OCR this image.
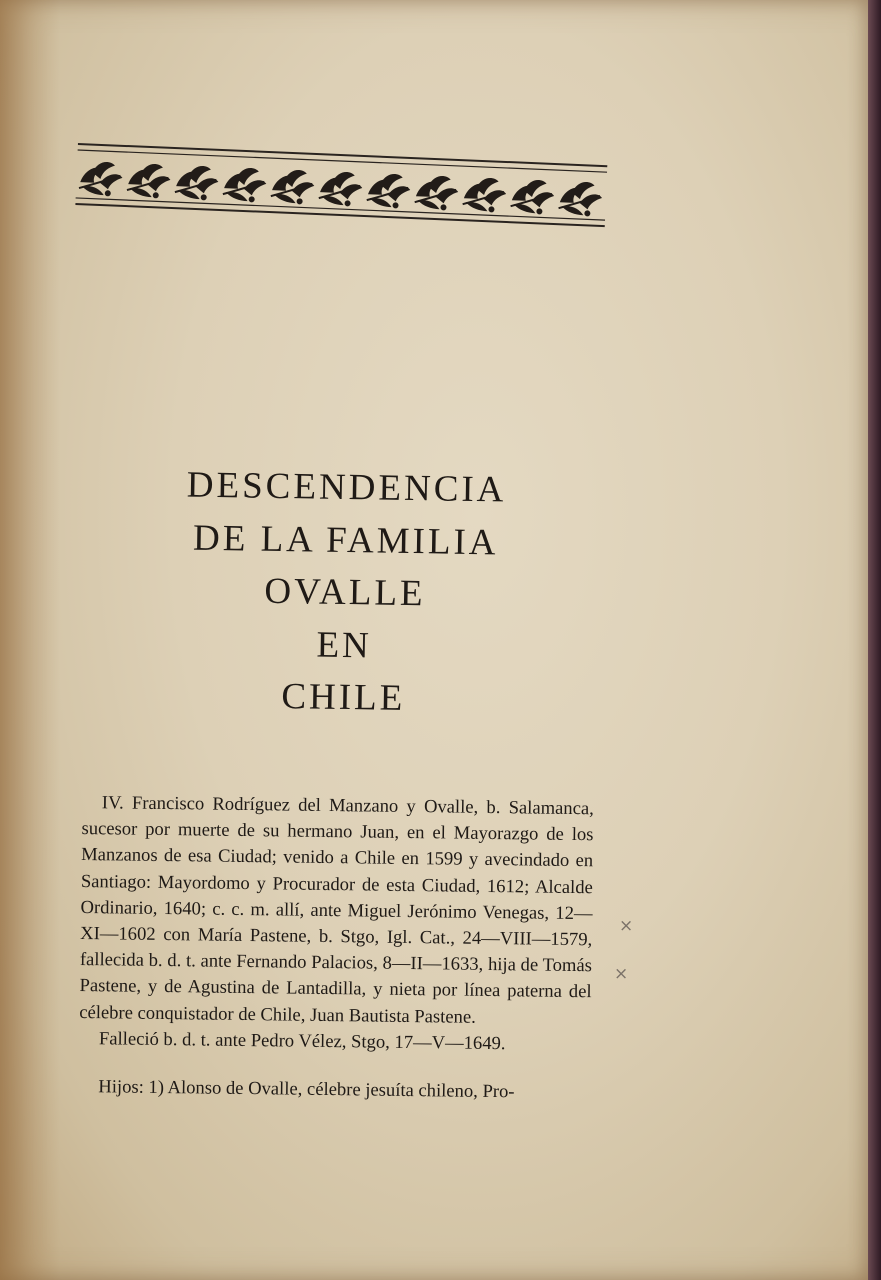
DESCENDENCIA
DE LA FAMILIA
OVALLE
EN
CHILE

IV. Francisco Rodríguez del Manzano y Ovalle, b. Salamanca, sucesor por muerte de su hermano Juan, en el Mayorazgo de los Manzanos de esa Ciudad; venido a Chile en 1599 y avecindado en Santiago: Mayordomo y Procurador de esta Ciudad, 1612; Alcalde Ordinario, 1640; c. c. m. allí, ante Miguel Jerónimo Venegas, 12—XI—1602 con María Pastene, b. Stgo, Igl. Cat., 24—VIII—1579, fallecida b. d. t. ante Fernando Palacios, 8—II—1633, hija de Tomás Pastene, y de Agustina de Lantadilla, y nieta por línea paterna del célebre conquistador de Chile, Juan Bautista Pastene.

Falleció b. d. t. ante Pedro Vélez, Stgo, 17—V—1649.

Hijos: 1) Alonso de Ovalle, célebre jesuíta chileno, Pro-

×
×
